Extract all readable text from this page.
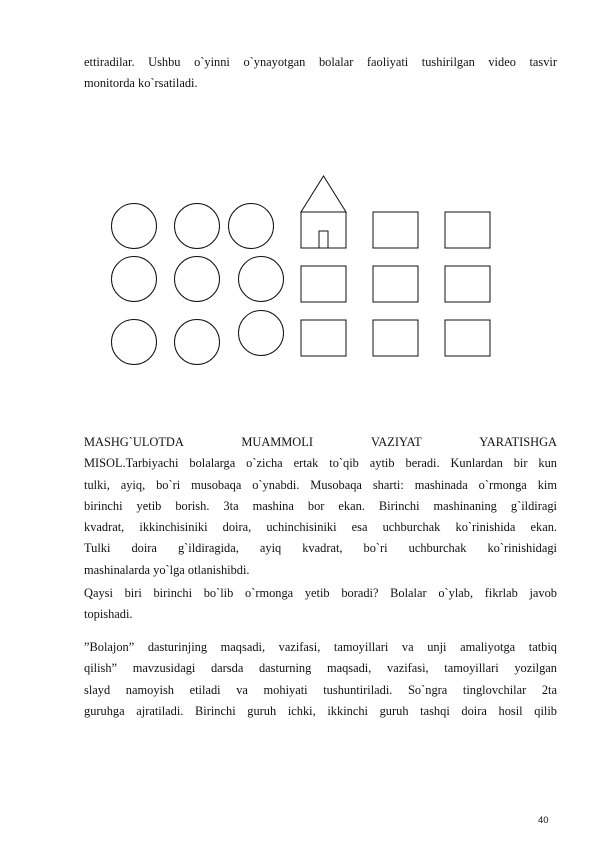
ettiradilar. Ushbu o`yinni o`ynayotgan bolalar faoliyati tushirilgan video tasvir
monitorda ko`rsatiladi.
MASHG`ULOTDA MUAMMOLI VAZIYAT YARATISHGA
MISOL.Tarbiyachi bolalarga o`zicha ertak to`qib aytib beradi. Kunlardan bir kun
tulki, ayiq, bo`ri musobaqa o`ynabdi. Musobaqa sharti: mashinada o`rmonga kim
birinchi yetib borish. 3ta mashina bor ekan. Birinchi mashinaning g`ildiragi
kvadrat, ikkinchisiniki doira, uchinchisiniki esa uchburchak ko`rinishida ekan.
Tulki doira g`ildiragida, ayiq kvadrat, bo`ri uchburchak ko`rinishidagi
mashinalarda yo`lga otlanishibdi.
Qaysi biri birinchi bo`lib o`rmonga yetib boradi? Bolalar o`ylab, fikrlab javob
topishadi.
”Bolajon” dasturinjing maqsadi, vazifasi, tamoyillari va unji amaliyotga tatbiq
qilish” mavzusidagi darsda dasturning maqsadi, vazifasi, tamoyillari yozilgan
slayd namoyish etiladi va mohiyati tushuntiriladi. So`ngra tinglovchilar 2ta
guruhga ajratiladi. Birinchi guruh ichki, ikkinchi guruh tashqi doira hosil qilib
40
